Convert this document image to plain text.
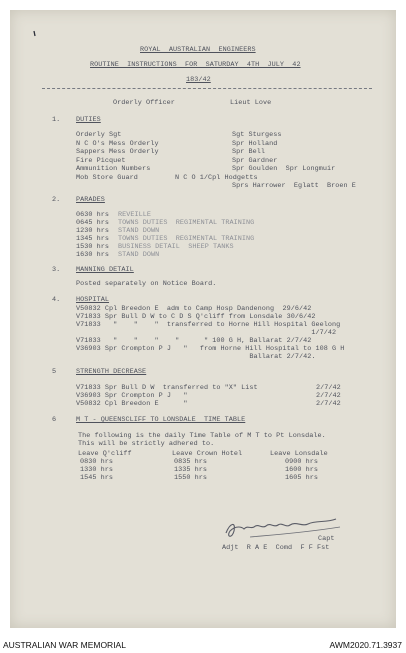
ROYAL  AUSTRALIAN  ENGINEERS
ROUTINE  INSTRUCTIONS  FOR  SATURDAY  4TH  JULY  42
183/42
Orderly Officer	Lieut Love
1. DUTIES
Orderly Sgt	Sgt Sturgess
N C O's Mess Orderly	Spr Holland
Sappers Mess Orderly	Spr Bell
Fire Picquet	Spr Gardner
Ammunition Numbers	Spr Goulden  Spr Longmuir
Mob Store Guard	N C O 1/Cpl Hodgetts
Sprs Harrower  Eglatt  Broen E
2. PARADES
0630 hrs REVEILLE
0645 hrs TOWNS DUTIES  REGIMENTAL TRAINING
1230 hrs STAND DOWN
1345 hrs TOWNS DUTIES  REGIMENTAL TRAINING
1530 hrs BUSINESS DETAIL  SHEEP TANKS
1630 hrs STAND DOWN
3. MANNING DETAIL
Posted separately on Notice Board.
4. HOSPITAL
V50832 Cpl Breedon E  adm to Camp Hosp Dandenong  29/6/42
V71833 Spr Bull D W to C D S Q'cliff from Lonsdale 30/6/42
V71833   "    "    "  transferred to Horne Hill Hospital Geelong
1/7/42
V71833   "    "    "    "      " 100 G H, Ballarat 2/7/42
V36903 Spr Crompton P J   "   from Horne Hill Hospital to 108 G H
Ballarat 2/7/42.
5	STRENGTH DECREASE
V71833 Spr Bull D W  transferred to "X" List	2/7/42
V36903 Spr Crompton P J   "	2/7/42
V50832 Cpl Breedon E      "	2/7/42
6	M T - QUEENSCLIFF TO LONSDALE  TIME TABLE
The following is the daily Time Table of M T to Pt Lonsdale.
This will be strictly adhered to.
Leave Q'cliff	Leave Crown Hotel	Leave Lonsdale
0830 hrs	0835 hrs	0900 hrs
1330 hrs	1335 hrs	1600 hrs
1545 hrs	1550 hrs	1605 hrs
Capt
Adjt  R A E  Comd  F F Fst
AUSTRALIAN WAR MEMORIAL	AWM2020.71.3937
